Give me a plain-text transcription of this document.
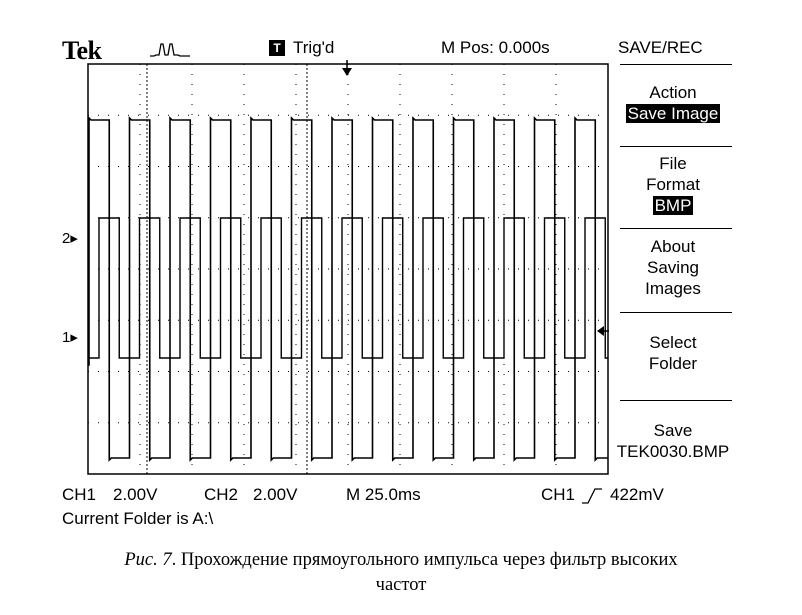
Tek	T Trig'd	M Pos: 0.000s	SAVE/REC
Action
Save Image
File
Format
BMP
About
Saving
Images
Select
Folder
Save
TEK0030.BMP
2▸
1▸
CH1 2.00V	CH2 2.00V	M 25.0ms	CH1 422mV
Current Folder is A:\
Рис. 7. Прохождение прямоугольного импульса через фильтр высоких
частот
